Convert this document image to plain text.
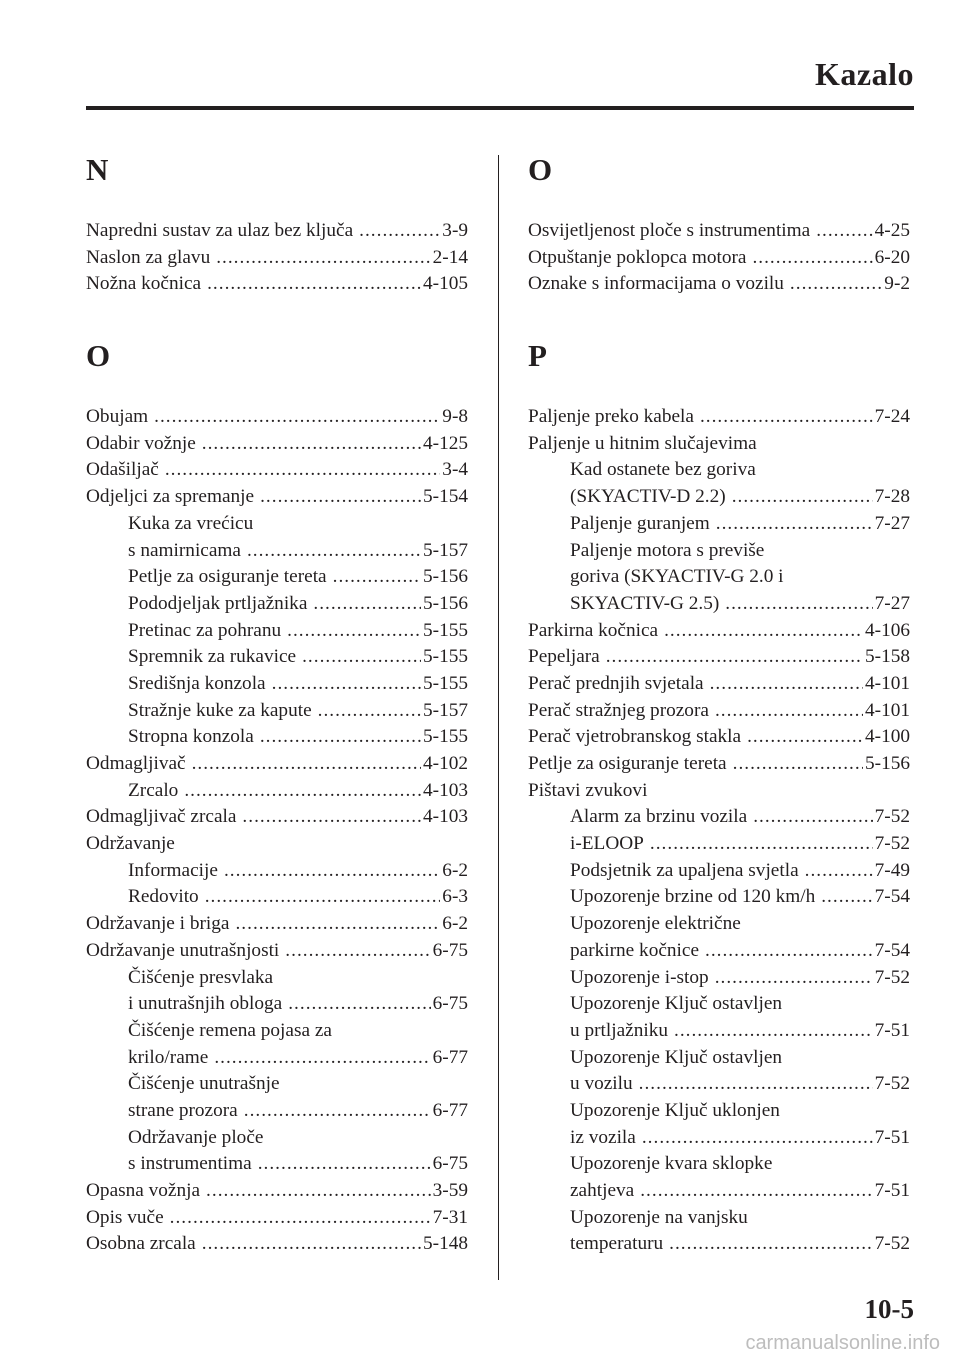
Kazalo
N
Napredni sustav za ulaz bez ključa .....	3-9
Naslon za glavu .....	2-14
Nožna kočnica .....	4-105
O
Obujam .....	9-8
Odabir vožnje .....	4-125
Odašiljač .....	3-4
Odjeljci za spremanje .....	5-154
Kuka za vrećicu
s namirnicama .....	5-157
Petlje za osiguranje tereta .....	5-156
Pododjeljak prtljažnika .....	5-156
Pretinac za pohranu .....	5-155
Spremnik za rukavice .....	5-155
Središnja konzola .....	5-155
Stražnje kuke za kapute .....	5-157
Stropna konzola .....	5-155
Odmagljivač .....	4-102
Zrcalo .....	4-103
Odmagljivač zrcala .....	4-103
Održavanje
Informacije .....	6-2
Redovito .....	6-3
Održavanje i briga .....	6-2
Održavanje unutrašnjosti .....	6-75
Čišćenje presvlaka
i unutrašnjih obloga .....	6-75
Čišćenje remena pojasa za
krilo/rame .....	6-77
Čišćenje unutrašnje
strane prozora .....	6-77
Održavanje ploče
s instrumentima .....	6-75
Opasna vožnja .....	3-59
Opis vuče .....	7-31
Osobna zrcala .....	5-148
O
Osvijetljenost ploče s instrumentima .....	4-25
Otpuštanje poklopca motora .....	6-20
Oznake s informacijama o vozilu .....	9-2
P
Paljenje preko kabela .....	7-24
Paljenje u hitnim slučajevima
Kad ostanete bez goriva
(SKYACTIV-D 2.2) .....	7-28
Paljenje guranjem .....	7-27
Paljenje motora s previše
goriva (SKYACTIV-G 2.0 i
SKYACTIV-G 2.5) .....	7-27
Parkirna kočnica .....	4-106
Pepeljara .....	5-158
Perač prednjih svjetala .....	4-101
Perač stražnjeg prozora .....	4-101
Perač vjetrobranskog stakla .....	4-100
Petlje za osiguranje tereta .....	5-156
Pištavi zvukovi
Alarm za brzinu vozila .....	7-52
i-ELOOP .....	7-52
Podsjetnik za upaljena svjetla .....	7-49
Upozorenje brzine od 120 km/h .....	7-54
Upozorenje električne
parkirne kočnice .....	7-54
Upozorenje i-stop .....	7-52
Upozorenje Ključ ostavljen
u prtljažniku .....	7-51
Upozorenje Ključ ostavljen
u vozilu .....	7-52
Upozorenje Ključ uklonjen
iz vozila .....	7-51
Upozorenje kvara sklopke
zahtjeva .....	7-51
Upozorenje na vanjsku
temperaturu .....	7-52
10-5
carmanualsonline.info
